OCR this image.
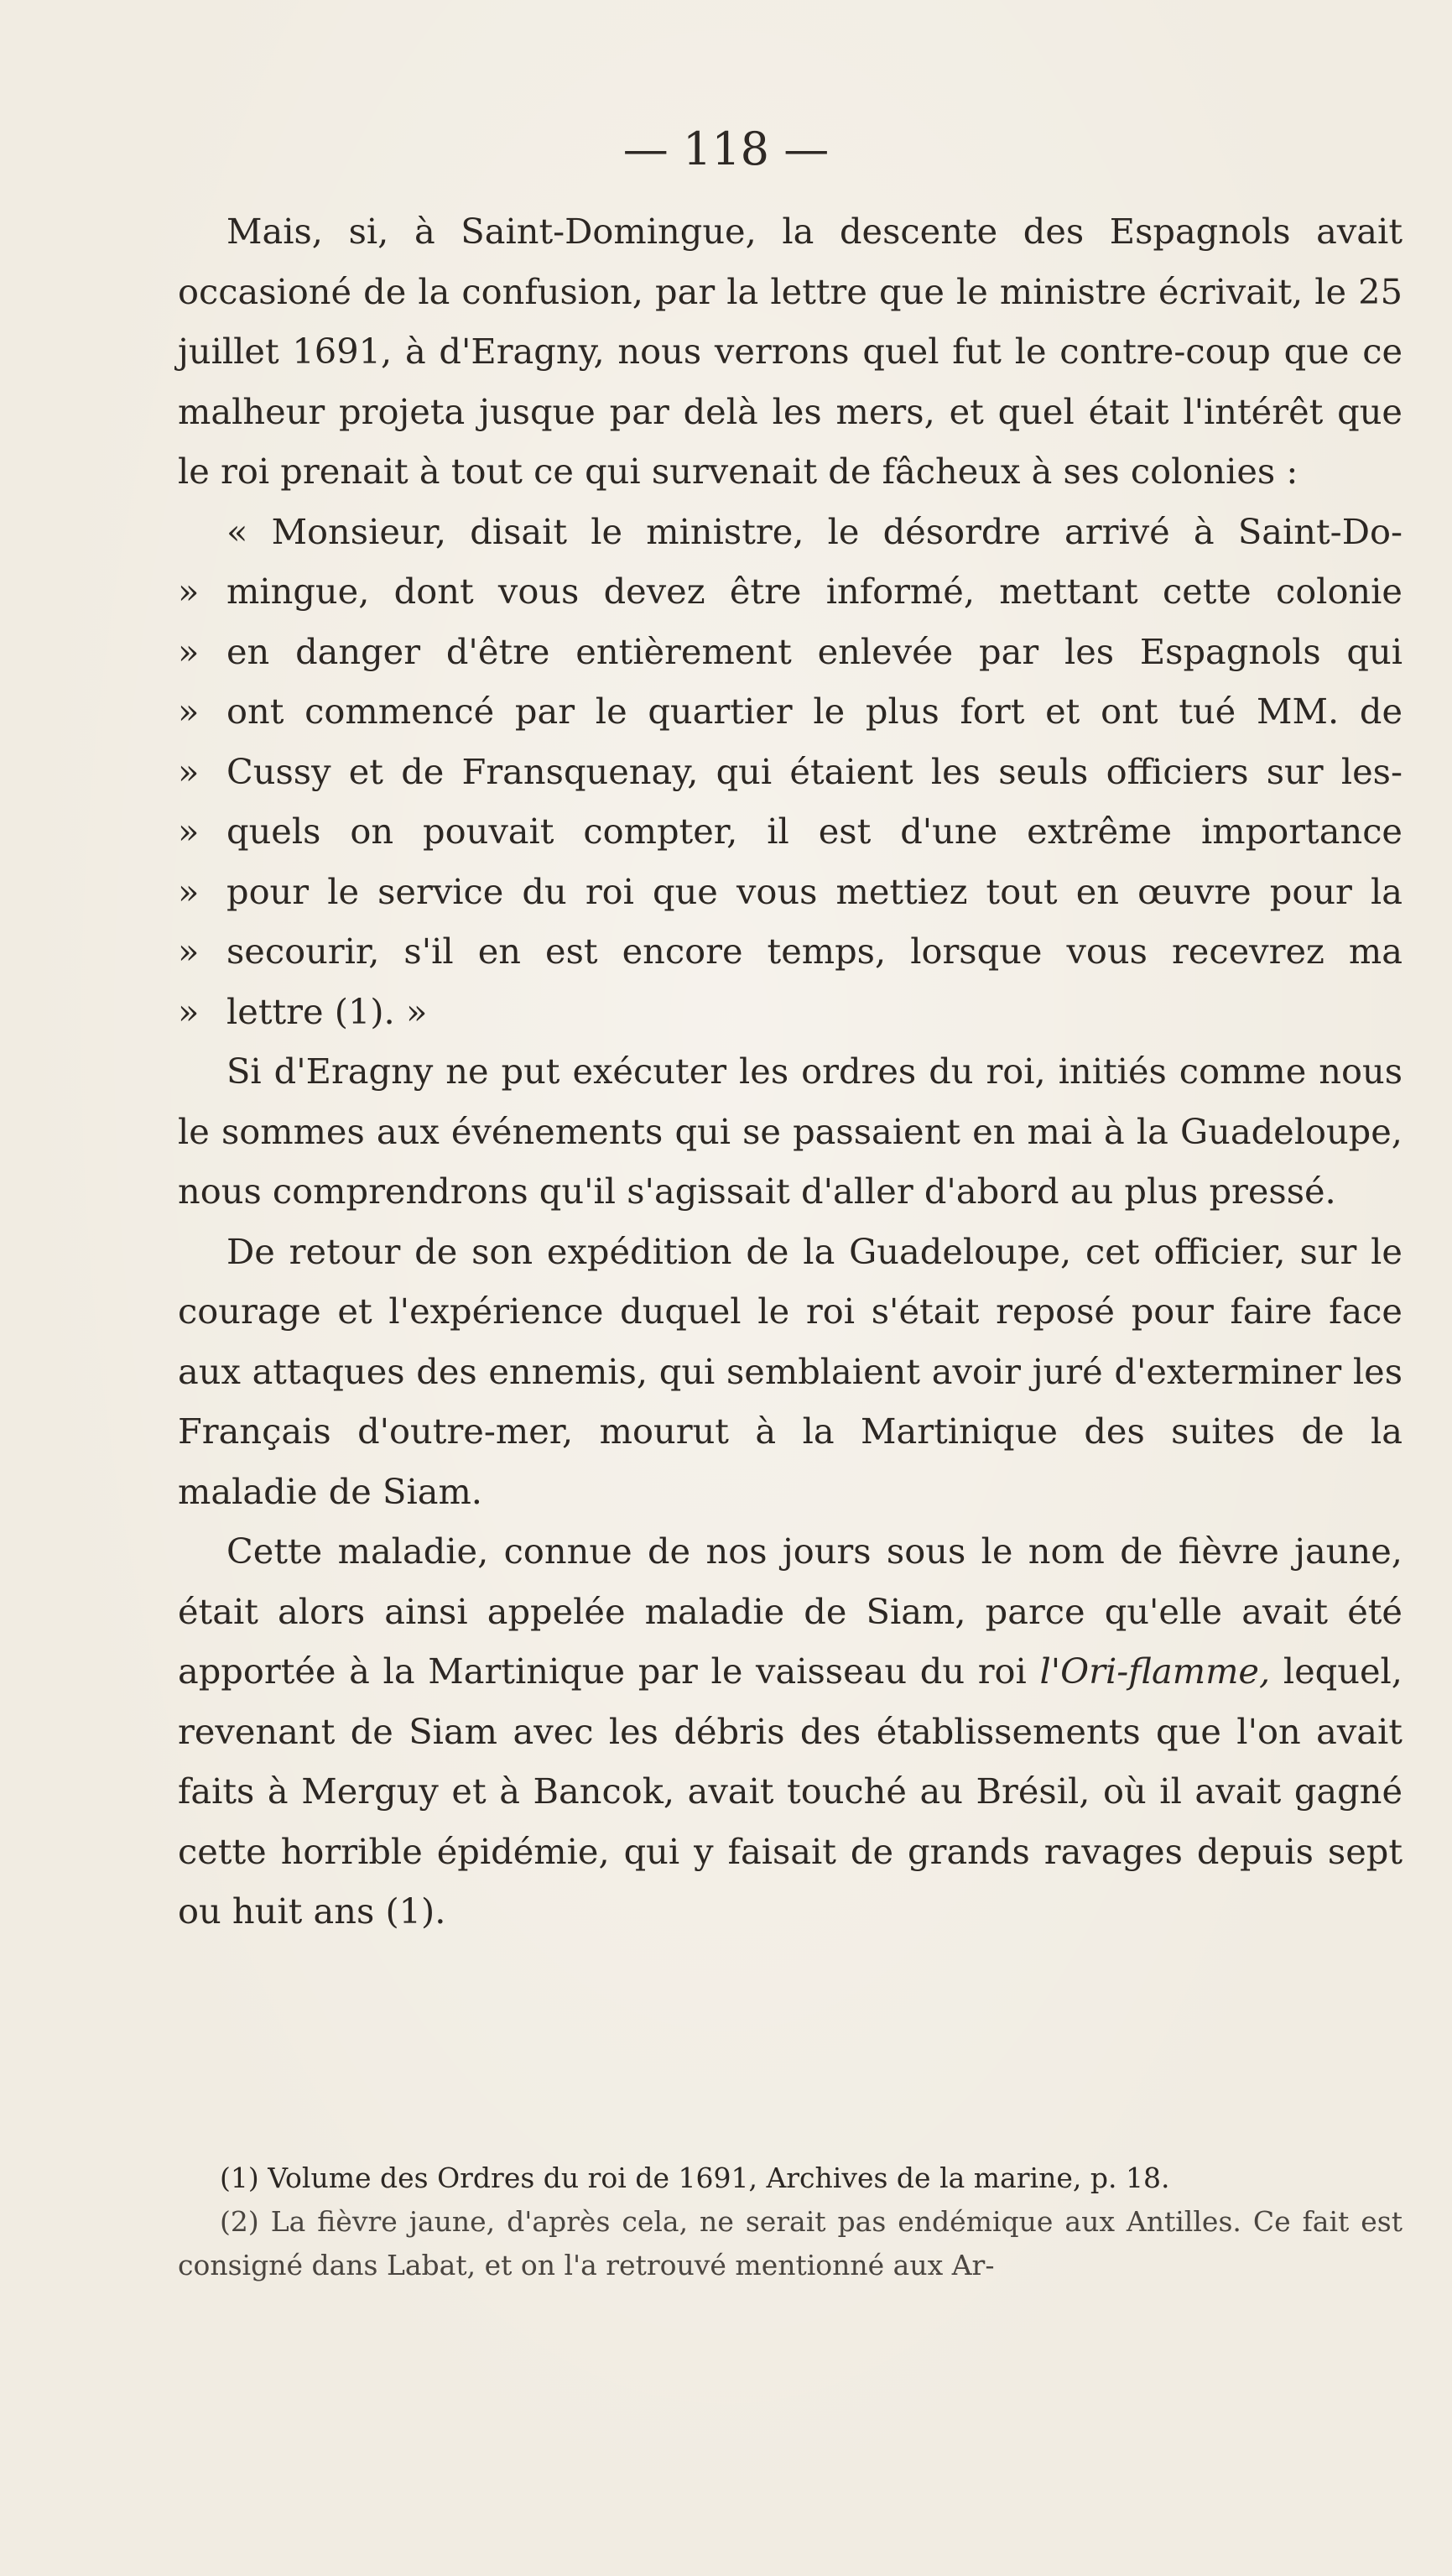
— 118 —

Mais, si, à Saint-Domingue, la descente des Espagnols avait occasioné de la confusion, par la lettre que le ministre écrivait, le 25 juillet 1691, à d'Eragny, nous verrons quel fut le contre-coup que ce malheur projeta jusque par delà les mers, et quel était l'intérêt que le roi prenait à tout ce qui survenait de fâcheux à ses colonies :

« Monsieur, disait le ministre, le désordre arrivé à Saint-Do-
» mingue, dont vous devez être informé, mettant cette colonie
» en danger d'être entièrement enlevée par les Espagnols qui
» ont commencé par le quartier le plus fort et ont tué MM. de
» Cussy et de Fransquenay, qui étaient les seuls officiers sur les-
» quels on pouvait compter, il est d'une extrême importance
» pour le service du roi que vous mettiez tout en œuvre pour la
» secourir, s'il en est encore temps, lorsque vous recevrez ma
» lettre (1). »

Si d'Eragny ne put exécuter les ordres du roi, initiés comme nous le sommes aux événements qui se passaient en mai à la Guadeloupe, nous comprendrons qu'il s'agissait d'aller d'abord au plus pressé.

De retour de son expédition de la Guadeloupe, cet officier, sur le courage et l'expérience duquel le roi s'était reposé pour faire face aux attaques des ennemis, qui semblaient avoir juré d'exterminer les Français d'outre-mer, mourut à la Martinique des suites de la maladie de Siam.

Cette maladie, connue de nos jours sous le nom de fièvre jaune, était alors ainsi appelée maladie de Siam, parce qu'elle avait été apportée à la Martinique par le vaisseau du roi l'Ori-flamme, lequel, revenant de Siam avec les débris des établissements que l'on avait faits à Merguy et à Bancok, avait touché au Brésil, où il avait gagné cette horrible épidémie, qui y faisait de grands ravages depuis sept ou huit ans (1).

(1) Volume des Ordres du roi de 1691, Archives de la marine, p. 18.

(2) La fièvre jaune, d'après cela, ne serait pas endémique aux Antilles. Ce fait est consigné dans Labat, et on l'a retrouvé mentionné aux Ar-
